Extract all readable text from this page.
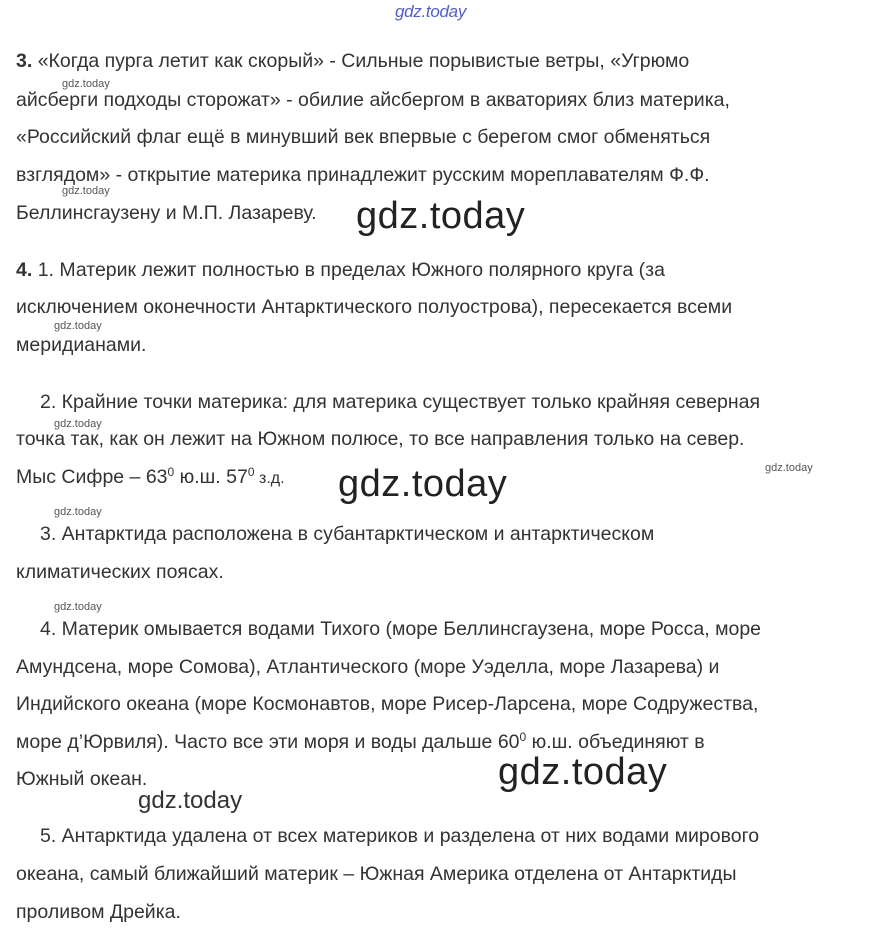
gdz.today
gdz.today
gdz.today
gdz.today
gdz.today
gdz.today
gdz.today
gdz.today
gdz.today
gdz.today
gdz.today
gdz.today
3. «Когда пурга летит как скорый» - Сильные порывистые ветры, «Угрюмо
айсберги подходы сторожат» - обилие айсбергом в акваториях близ материка,
«Российский флаг ещё в минувший век впервые с берегом смог обменяться
взглядом» - открытие материка принадлежит русским мореплавателям Ф.Ф.
Беллинсгаузену и М.П. Лазареву.
4. 1. Материк лежит полностью в пределах Южного полярного круга (за
исключением оконечности Антарктического полуострова), пересекается всеми
меридианами.
2. Крайние точки материка: для материка существует только крайняя северная
точка так, как он лежит на Южном полюсе, то все направления только на север.
Мыс Сифре – $63^0$ ю.ш. $57^0$ з.д.
3. Антарктида расположена в субантарктическом и антарктическом
климатических поясах.
4. Материк омывается водами Тихого (море Беллинсгаузена, море Росса, море
Амундсена, море Сомова), Атлантического (море Уэделла, море Лазарева) и
Индийского океана (море Космонавтов, море Рисер-Ларсена, море Содружества,
море д’Юрвиля). Часто все эти моря и воды дальше $60^0$ ю.ш. объединяют в
Южный океан.
5. Антарктида удалена от всех материков и разделена от них водами мирового
океана, самый ближайший материк – Южная Америка отделена от Антарктиды
проливом Дрейка.
